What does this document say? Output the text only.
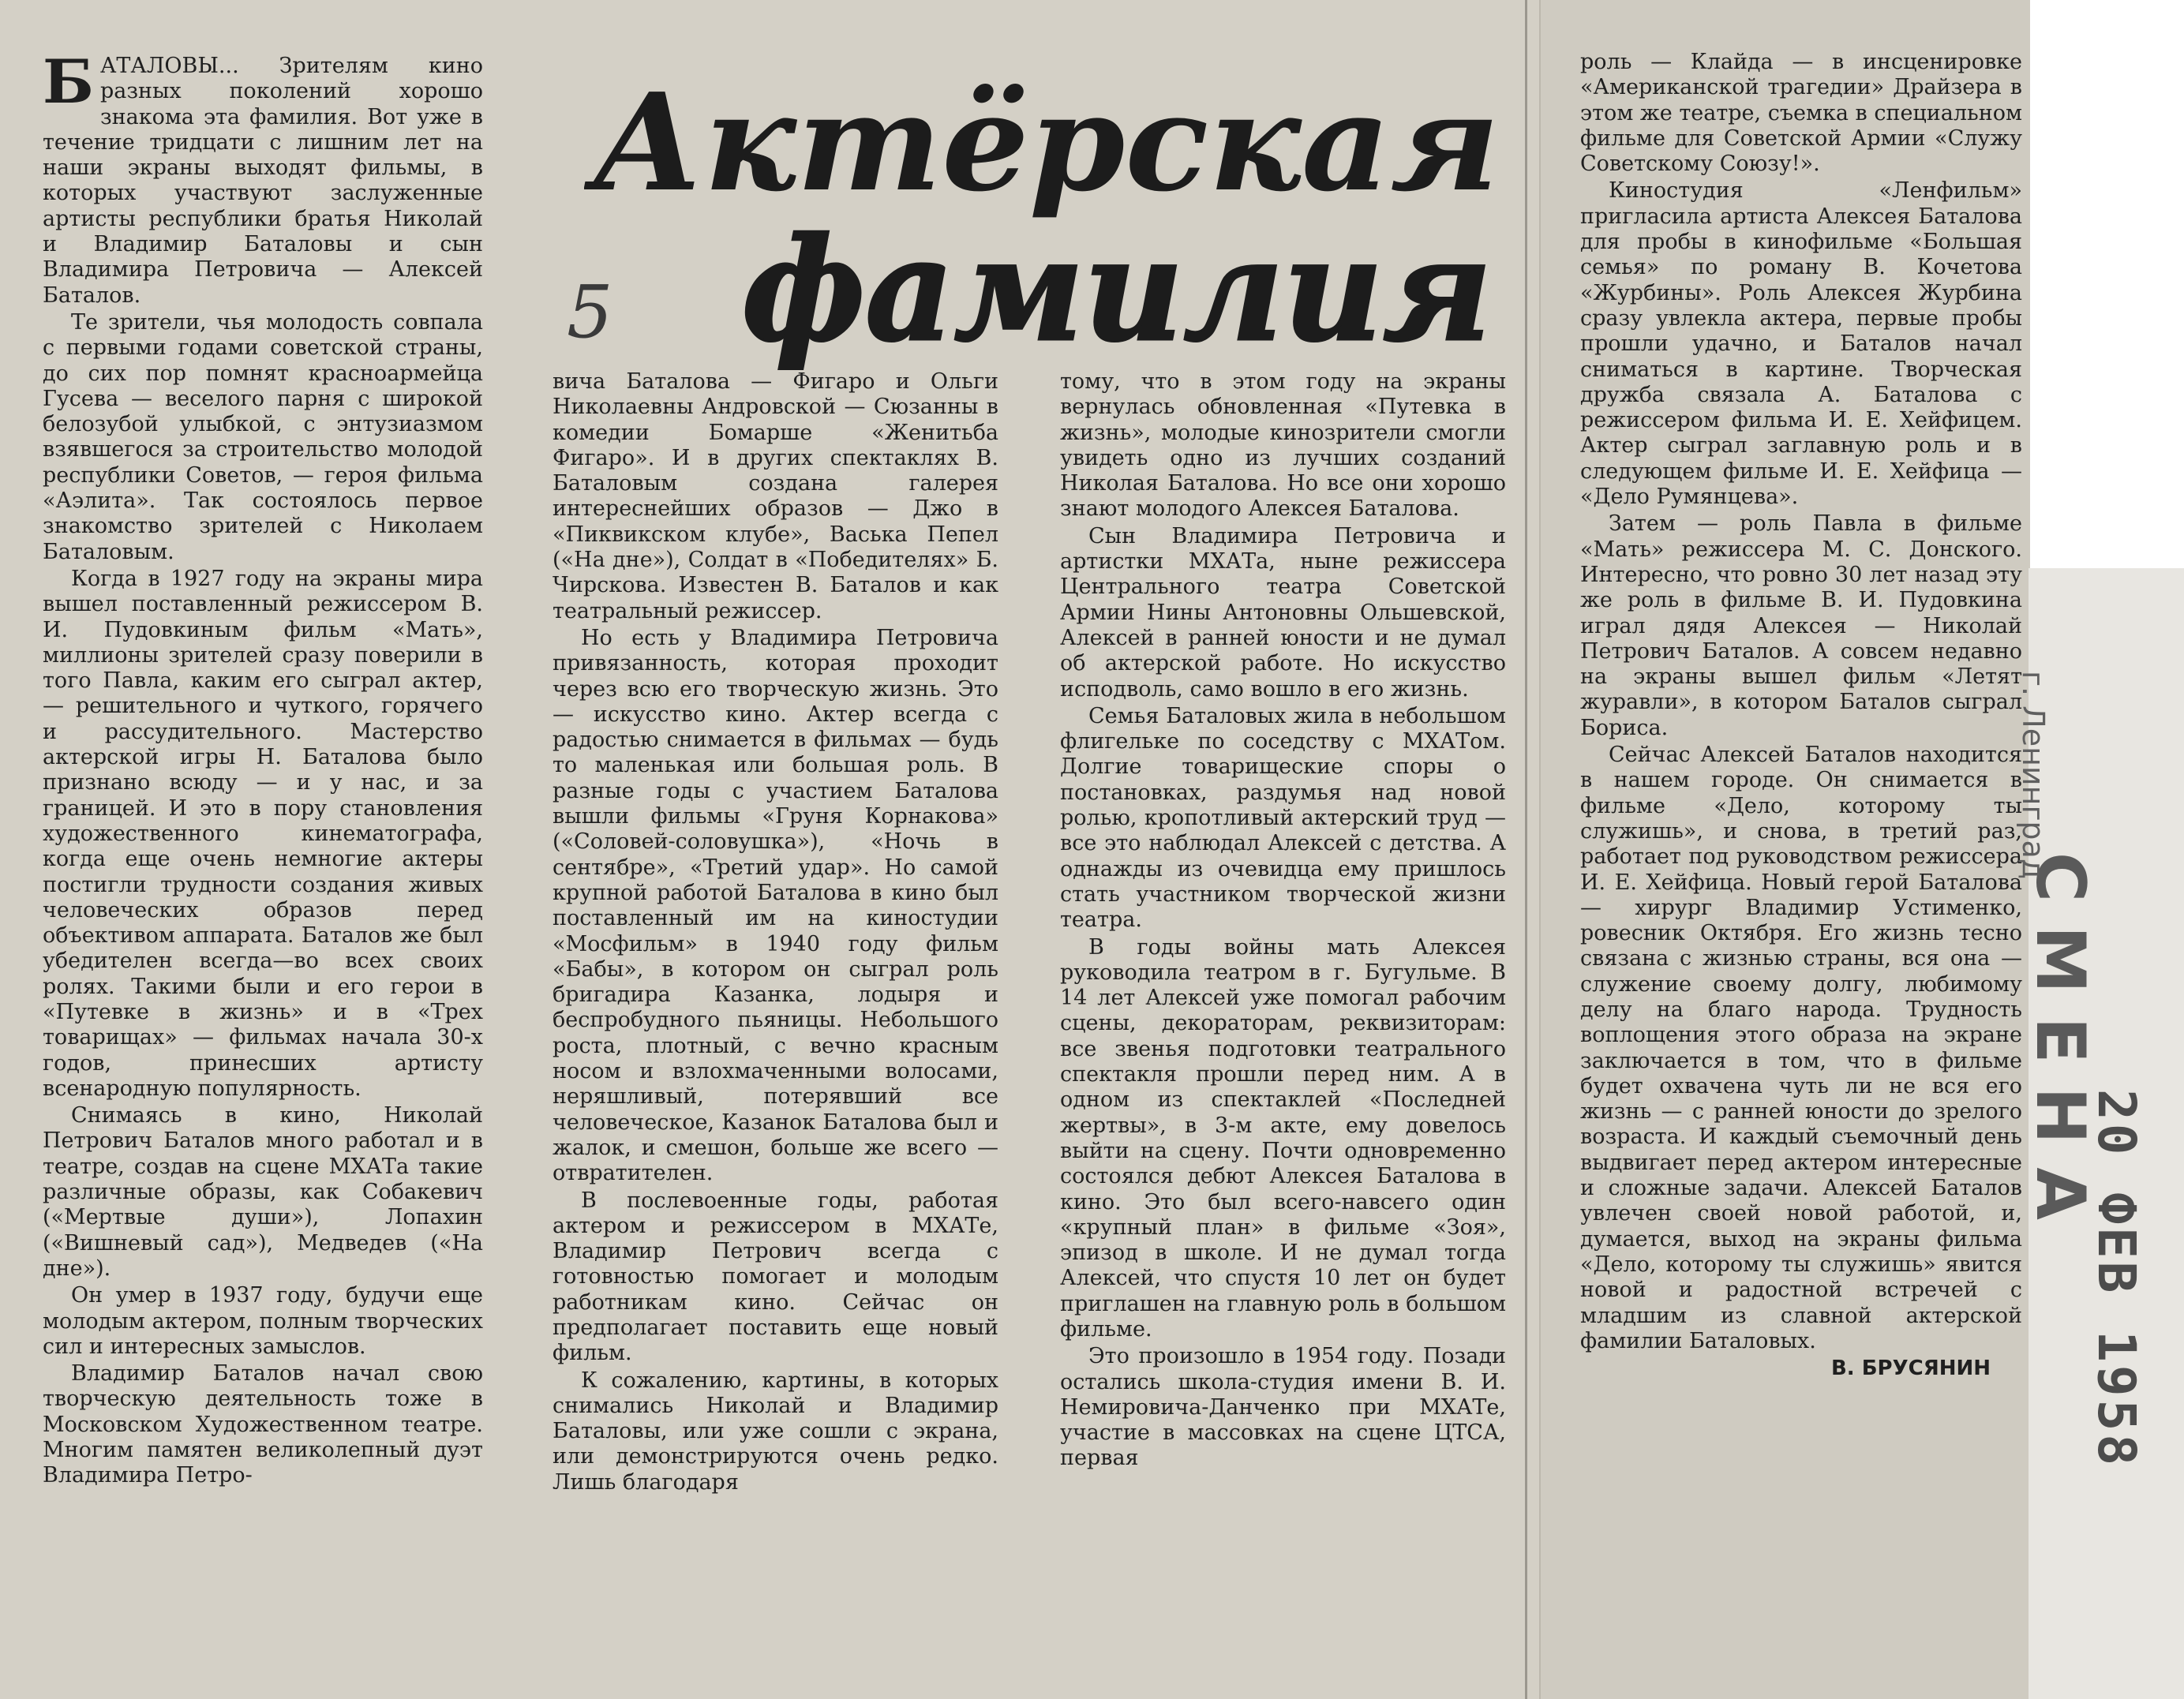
Актёрская
фамилия
5

БАТАЛОВЫ... Зрителям кино разных поколений хорошо знакома эта фамилия. Вот уже в течение тридцати с лишним лет на наши экраны выходят фильмы, в которых участвуют заслуженные артисты республики братья Николай и Владимир Баталовы и сын Владимира Петровича — Алексей Баталов.

Те зрители, чья молодость совпала с первыми годами советской страны, до сих пор помнят красноармейца Гусева — веселого парня с широкой белозубой улыбкой, с энтузиазмом взявшегося за строительство молодой республики Советов, — героя фильма «Аэлита». Так состоялось первое знакомство зрителей с Николаем Баталовым.

Когда в 1927 году на экраны мира вышел поставленный режиссером В. И. Пудовкиным фильм «Мать», миллионы зрителей сразу поверили в того Павла, каким его сыграл актер, — решительного и чуткого, горячего и рассудительного. Мастерство актерской игры Н. Баталова было признано всюду — и у нас, и за границей. И это в пору становления художественного кинематографа, когда еще очень немногие актеры постигли трудности создания живых человеческих образов перед объективом аппарата. Баталов же был убедителен всегда—во всех своих ролях. Такими были и его герои в «Путевке в жизнь» и в «Трех товарищах» — фильмах начала 30-х годов, принесших артисту всенародную популярность.

Снимаясь в кино, Николай Петрович Баталов много работал и в театре, создав на сцене МХАТа такие различные образы, как Собакевич («Мертвые души»), Лопахин («Вишневый сад»), Медведев («На дне»).

Он умер в 1937 году, будучи еще молодым актером, полным творческих сил и интересных замыслов.

Владимир Баталов начал свою творческую деятельность тоже в Московском Художественном театре. Многим памятен великолепный дуэт Владимира Петро-

вича Баталова — Фигаро и Ольги Николаевны Андровской — Сюзанны в комедии Бомарше «Женитьба Фигаро». И в других спектаклях В. Баталовым создана галерея интереснейших образов — Джо в «Пиквикском клубе», Васька Пепел («На дне»), Солдат в «Победителях» Б. Чирскова. Известен В. Баталов и как театральный режиссер.

Но есть у Владимира Петровича привязанность, которая проходит через всю его творческую жизнь. Это — искусство кино. Актер всегда с радостью снимается в фильмах — будь то маленькая или большая роль. В разные годы с участием Баталова вышли фильмы «Груня Корнакова» («Соловей-соловушка»), «Ночь в сентябре», «Третий удар». Но самой крупной работой Баталова в кино был поставленный им на киностудии «Мосфильм» в 1940 году фильм «Бабы», в котором он сыграл роль бригадира Казанка, лодыря и беспробудного пьяницы. Небольшого роста, плотный, с вечно красным носом и взлохмаченными волосами, неряшливый, потерявший все человеческое, Казанок Баталова был и жалок, и смешон, больше же всего — отвратителен.

В послевоенные годы, работая актером и режиссером в МХАТе, Владимир Петрович всегда с готовностью помогает и молодым работникам кино. Сейчас он предполагает поставить еще новый фильм.

К сожалению, картины, в которых снимались Николай и Владимир Баталовы, или уже сошли с экрана, или демонстрируются очень редко. Лишь благодаря

тому, что в этом году на экраны вернулась обновленная «Путевка в жизнь», молодые кинозрители смогли увидеть одно из лучших созданий Николая Баталова. Но все они хорошо знают молодого Алексея Баталова.

Сын Владимира Петровича и артистки МХАТа, ныне режиссера Центрального театра Советской Армии Нины Антоновны Ольшевской, Алексей в ранней юности и не думал об актерской работе. Но искусство исподволь, само вошло в его жизнь.

Семья Баталовых жила в небольшом флигельке по соседству с МХАТом. Долгие товарищеские споры о постановках, раздумья над новой ролью, кропотливый актерский труд — все это наблюдал Алексей с детства. А однажды из очевидца ему пришлось стать участником творческой жизни театра.

В годы войны мать Алексея руководила театром в г. Бугульме. В 14 лет Алексей уже помогал рабочим сцены, декораторам, реквизиторам: все звенья подготовки театрального спектакля прошли перед ним. А в одном из спектаклей «Последней жертвы», в 3-м акте, ему довелось выйти на сцену. Почти одновременно состоялся дебют Алексея Баталова в кино. Это был всего-навсего один «крупный план» в фильме «Зоя», эпизод в школе. И не думал тогда Алексей, что спустя 10 лет он будет приглашен на главную роль в большом фильме.

Это произошло в 1954 году. Позади остались школа-студия имени В. И. Немировича-Данченко при МХАТе, участие в массовках на сцене ЦТСА, первая

роль — Клайда — в инсценировке «Американской трагедии» Драйзера в этом же театре, съемка в специальном фильме для Советской Армии «Служу Советскому Союзу!».

Киностудия «Ленфильм» пригласила артиста Алексея Баталова для пробы в кинофильме «Большая семья» по роману В. Кочетова «Журбины». Роль Алексея Журбина сразу увлекла актера, первые пробы прошли удачно, и Баталов начал сниматься в картине. Творческая дружба связала А. Баталова с режиссером фильма И. Е. Хейфицем. Актер сыграл заглавную роль и в следующем фильме И. Е. Хейфица — «Дело Румянцева».

Затем — роль Павла в фильме «Мать» режиссера М. С. Донского. Интересно, что ровно 30 лет назад эту же роль в фильме В. И. Пудовкина играл дядя Алексея — Николай Петрович Баталов. А совсем недавно на экраны вышел фильм «Летят журавли», в котором Баталов сыграл Бориса.

Сейчас Алексей Баталов находится в нашем городе. Он снимается в фильме «Дело, которому ты служишь», и снова, в третий раз, работает под руководством режиссера И. Е. Хейфица. Новый герой Баталова — хирург Владимир Устименко, ровесник Октября. Его жизнь тесно связана с жизнью страны, вся она — служение своему долгу, любимому делу на благо народа. Трудность воплощения этого образа на экране заключается в том, что в фильме будет охвачена чуть ли не вся его жизнь — с ранней юности до зрелого возраста. И каждый съемочный день выдвигает перед актером интересные и сложные задачи. Алексей Баталов увлечен своей новой работой, и, думается, выход на экраны фильма «Дело, которому ты служишь» явится новой и радостной встречей с младшим из славной актерской фамилии Баталовых.

В. БРУСЯНИН

СМЕНА
г. Ленинград
20 ФЕВ 1958
